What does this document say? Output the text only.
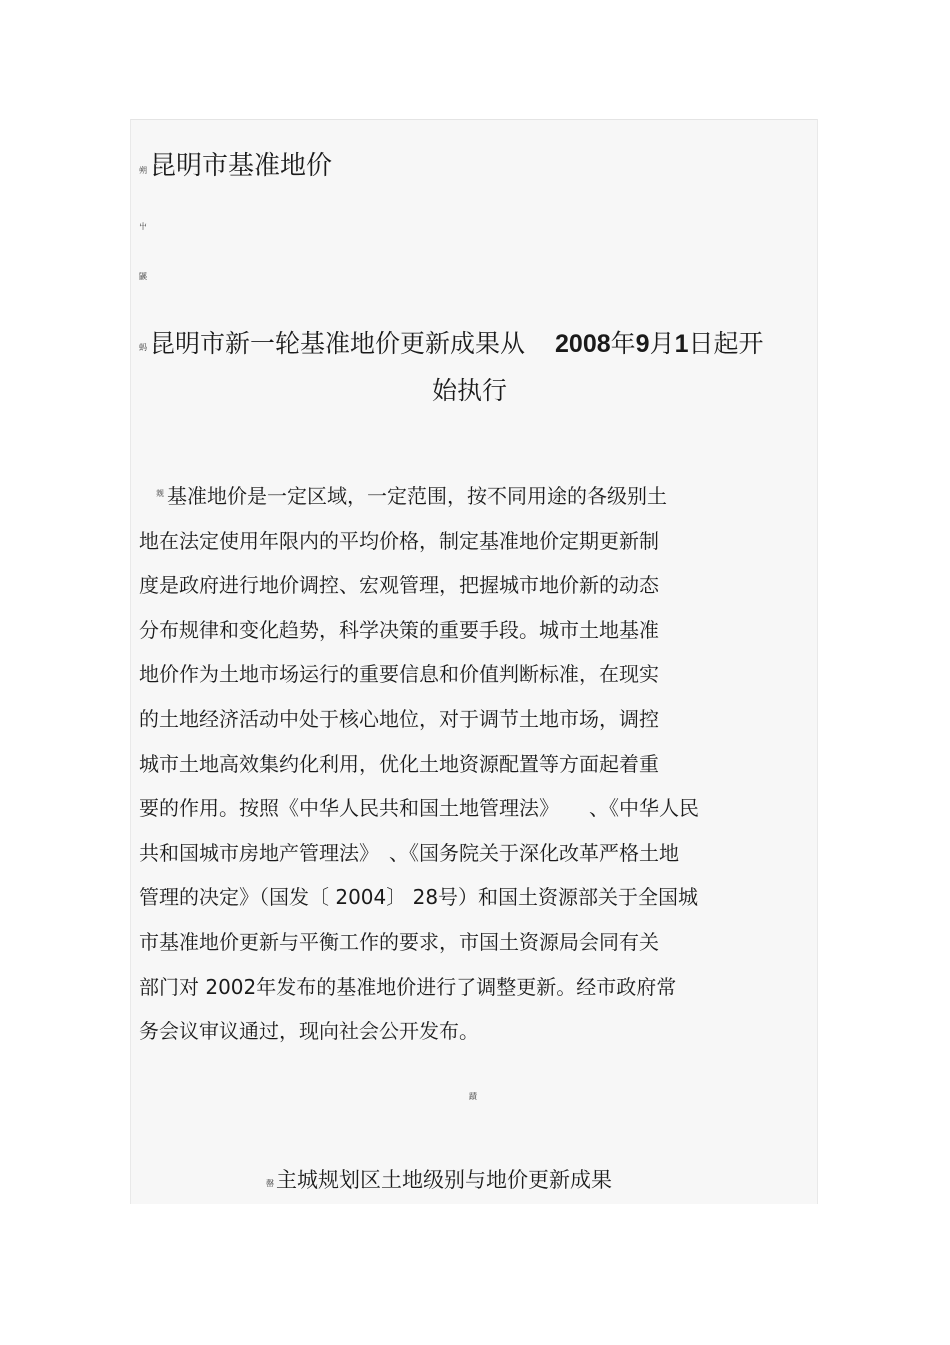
朔 昆明市基准地价
屮
鼷
蚂 昆明市新一轮基准地价更新成果从 2008年9月1日起开
始执行
觌 基准地价是一定区域，一定范围，按不同用途的各级别土
地在法定使用年限内的平均价格，制定基准地价定期更新制
度是政府进行地价调控、宏观管理，把握城市地价新的动态
分布规律和变化趋势，科学决策的重要手段。城市土地基准
地价作为土地市场运行的重要信息和价值判断标准，在现实
的土地经济活动中处于核心地位，对于调节土地市场，调控
城市土地高效集约化利用，优化土地资源配置等方面起着重
要的作用。按照《中华人民共和国土地管理法》　　、《中华人民
共和国城市房地产管理法》　、《国务院关于深化改革严格土地
管理的决定》（国发〔 2004〕 28号）和国土资源部关于全国城
市基准地价更新与平衡工作的要求，市国土资源局会同有关
部门对 2002年发布的基准地价进行了调整更新。经市政府常
务会议审议通过，现向社会公开发布。
蹟
罄 主城规划区土地级别与地价更新成果
